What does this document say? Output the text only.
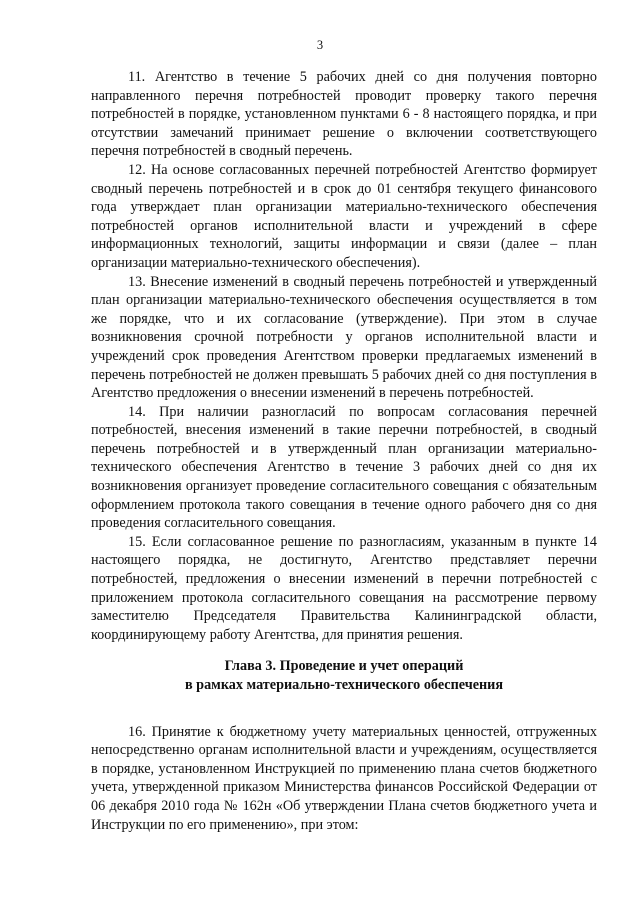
3

11. Агентство в течение 5 рабочих дней со дня получения повторно направленного перечня потребностей проводит проверку такого перечня потребностей в порядке, установленном пунктами 6 - 8 настоящего порядка, и при отсутствии замечаний принимает решение о включении соответствующего перечня потребностей в сводный перечень.

12. На основе согласованных перечней потребностей Агентство формирует сводный перечень потребностей и в срок до 01 сентября текущего финансового года утверждает план организации материально-технического обеспечения потребностей органов исполнительной власти и учреждений в сфере информационных технологий, защиты информации и связи (далее – план организации материально-технического обеспечения).

13. Внесение изменений в сводный перечень потребностей и утвержденный план организации материально-технического обеспечения осуществляется в том же порядке, что и их согласование (утверждение). При этом в случае возникновения срочной потребности у органов исполнительной власти и учреждений срок проведения Агентством проверки предлагаемых изменений в перечень потребностей не должен превышать 5 рабочих дней со дня поступления в Агентство предложения о внесении изменений в перечень потребностей.

14. При наличии разногласий по вопросам согласования перечней потребностей, внесения изменений в такие перечни потребностей, в сводный перечень потребностей и в утвержденный план организации материально-технического обеспечения Агентство в течение 3 рабочих дней со дня их возникновения организует проведение согласительного совещания с обязательным оформлением протокола такого совещания в течение одного рабочего дня со дня проведения согласительного совещания.

15. Если согласованное решение по разногласиям, указанным в пункте 14 настоящего порядка, не достигнуто, Агентство представляет перечни потребностей, предложения о внесении изменений в перечни потребностей с приложением протокола согласительного совещания на рассмотрение первому заместителю Председателя Правительства Калининградской области, координирующему работу Агентства, для принятия решения.

Глава 3. Проведение и учет операций
в рамках материально-технического обеспечения

16. Принятие к бюджетному учету материальных ценностей, отгруженных непосредственно органам исполнительной власти и учреждениям, осуществляется в порядке, установленном Инструкцией по применению плана счетов бюджетного учета, утвержденной приказом Министерства финансов Российской Федерации от 06 декабря 2010 года № 162н «Об утверждении Плана счетов бюджетного учета и Инструкции по его применению», при этом:
